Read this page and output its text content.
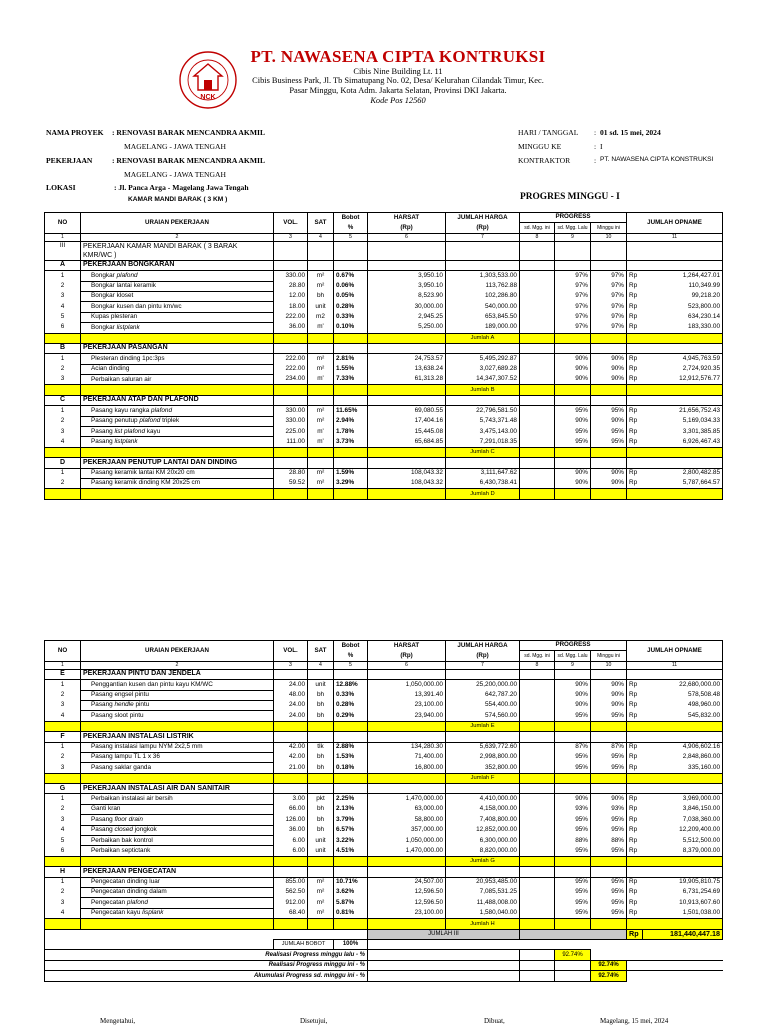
NCK
PT. NAWASENA CIPTA KONTRUKSI
Cibis Nine Building Lt. 11
Cibis Business Park, Jl. Tb Simatupang No. 02, Desa/ Kelurahan Cilandak Timur, Kec.
Pasar Minggu, Kota Adm. Jakarta Selatan, Provinsi DKI Jakarta.
Kode Pos 12560
NAMA PROYEK : RENOVASI BARAK MENCANDRA AKMIL
MAGELANG - JAWA TENGAH
PEKERJAAN	: RENOVASI BARAK MENCANDRA AKMIL
MAGELANG - JAWA TENGAH
LOKASI	: Jl. Panca Arga - Magelang Jawa Tengah
KAMAR MANDI BARAK ( 3 KM )
HARI / TANGGAL : 01 sd. 15 mei, 2024
MINGGU KE	: I
KONTRAKTOR	: PT. NAWASENA CIPTA KONSTRUKSI
PROGRES MINGGU - I
NO	URAIAN PEKERJAAN	VOL.	SAT	Bobot	HARSAT	JUMLAH HARGA	PROGRESS			JUMLAH OPNAME	
				%	(Rp)	(Rp)	sd. Mgg. ini	sd. Mgg. Lalu	Minggu ini		

1	2	3	4	5	6	7	8	9	10	11	
III	PEKERJAAN KAMAR MANDI BARAK ( 3 BARAK
KMR/WC )										
A	PEKERJAAN BONGKARAN										
1	Bongkar plafond	330.00	m²	0.67%	3,950.10	1,303,533.00		97%	97%	Rp	1,264,427.01
2	Bongkar lantai keramik	28.80	m²	0.06%	3,950.10	113,762.88		97%	97%	Rp	110,349.99
3	Bongkar kloset	12.00	bh	0.05%	8,523.90	102,286.80		97%	97%	Rp	99,218.20
4	Bongkar kusen dan pintu km/wc	18.00	unit	0.28%	30,000.00	540,000.00		97%	97%	Rp	523,800.00
5	Kupas plesteran	222.00	m2	0.33%	2,945.25	653,845.50		97%	97%	Rp	634,230.14
6	Bongkar listplank	36.00	m'	0.10%	5,250.00	189,000.00		97%	97%	Rp	183,330.00
						Jumlah A					
B	PEKERJAAN PASANGAN										
1	Plesteran dinding 1pc:3ps	222.00	m²	2.81%	24,753.57	5,495,292.87		90%	90%	Rp	4,945,763.59
2	Acian dinding	222.00	m²	1.55%	13,638.24	3,027,689.28		90%	90%	Rp	2,724,920.35
3	Perbaikan saluran air	234.00	m'	7.33%	61,313.28	14,347,307.52		90%	90%	Rp	12,912,576.77
						Jumlah B					
C	PEKERJAAN ATAP DAN PLAFOND										
1	Pasang kayu rangka plafond	330.00	m²	11.65%	69,080.55	22,796,581.50		95%	95%	Rp	21,656,752.43
2	Pasang penutup plafond triplek	330.00	m²	2.94%	17,404.16	5,743,371.48		90%	90%	Rp	5,169,034.33
3	Pasang list plafond kayu	225.00	m'	1.78%	15,445.08	3,475,143.00		95%	95%	Rp	3,301,385.85
4	Pasang listplank	111.00	m'	3.73%	65,684.85	7,291,018.35		95%	95%	Rp	6,926,467.43
						Jumlah C					
D	PEKERJAAN PENUTUP LANTAI DAN DINDING										
1	Pasang keramik lantai KM 20x20 cm	28.80	m²	1.59%	108,043.32	3,111,647.62		90%	90%	Rp	2,800,482.85
2	Pasang keramik dinding KM 20x25 cm	59.52	m²	3.29%	108,043.32	6,430,738.41		90%	90%	Rp	5,787,664.57
						Jumlah D					
NO	URAIAN PEKERJAAN	VOL.	SAT	Bobot	HARSAT	JUMLAH HARGA	PROGRESS			JUMLAH OPNAME	
				%	(Rp)	(Rp)	sd. Mgg. ini	sd. Mgg. Lalu	Minggu ini		

1	2	3	4	5	6	7	8	9	10	11	
E	PEKERJAAN PINTU DAN JENDELA										
1	Penggantian kusen dan pintu kayu KM/WC	24.00	unit	12.88%	1,050,000.00	25,200,000.00		90%	90%	Rp	22,680,000.00
2	Pasang engsel pintu	48.00	bh	0.33%	13,391.40	642,787.20		90%	90%	Rp	578,508.48
3	Pasang hendle pintu	24.00	bh	0.28%	23,100.00	554,400.00		90%	90%	Rp	498,960.00
4	Pasang sloot pintu	24.00	bh	0.29%	23,940.00	574,560.00		95%	95%	Rp	545,832.00
						Jumlah E					
F	PEKERJAAN INSTALASI LISTRIK										
1	Pasang instalasi lampu NYM 2x2,5 mm	42.00	tlk	2.88%	134,280.30	5,639,772.60		87%	87%	Rp	4,906,602.16
2	Pasang lampu TL 1 x 36	42.00	bh	1.53%	71,400.00	2,998,800.00		95%	95%	Rp	2,848,860.00
3	Pasang saklar ganda	21.00	bh	0.18%	16,800.00	352,800.00		95%	95%	Rp	335,160.00
						Jumlah F					
G	PEKERJAAN INSTALASI AIR DAN SANITAIR										
1	Perbaikan instalasi air bersih	3.00	pkt	2.25%	1,470,000.00	4,410,000.00		90%	90%	Rp	3,969,000.00
2	Ganti kran	66.00	bh	2.13%	63,000.00	4,158,000.00		93%	93%	Rp	3,846,150.00
3	Pasang floor drain	126.00	bh	3.79%	58,800.00	7,408,800.00		95%	95%	Rp	7,038,360.00
4	Pasang closed jongkok	36.00	bh	6.57%	357,000.00	12,852,000.00		95%	95%	Rp	12,209,400.00
5	Perbaikan bak kontrol	6.00	unit	3.22%	1,050,000.00	6,300,000.00		88%	88%	Rp	5,512,500.00
6	Perbaikan septictank	6.00	unit	4.51%	1,470,000.00	8,820,000.00		95%	95%	Rp	8,379,000.00
						Jumlah G					
H	PEKERJAAN PENGECATAN										
1	Pengecatan dinding luar	855.00	m²	10.71%	24,507.00	20,953,485.00		95%	95%	Rp	19,905,810.75
2	Pengecatan dinding dalam	562.50	m²	3.62%	12,596.50	7,085,531.25		95%	95%	Rp	6,731,254.69
3	Pengecatan plafond	912.00	m²	5.87%	12,596.50	11,488,008.00		95%	95%	Rp	10,913,607.60
4	Pengecatan kayu lisplank	68.40	m²	0.81%	23,100.00	1,580,040.00		95%	95%	Rp	1,501,038.00
						Jumlah H					
					JUMLAH III					Rp	181,440,447.18
		JUMLAH BOBOT		100%							
Realisasi Progress minggu lalu - %								92.74%			
Realisasi Progress minggu ini - %									92.74%		
Akumulasi Progress sd. minggu ini - %									92.74%		
Mengetahui,	Disetujui,	Dibuat,	Magelang, 15 mei, 2024
